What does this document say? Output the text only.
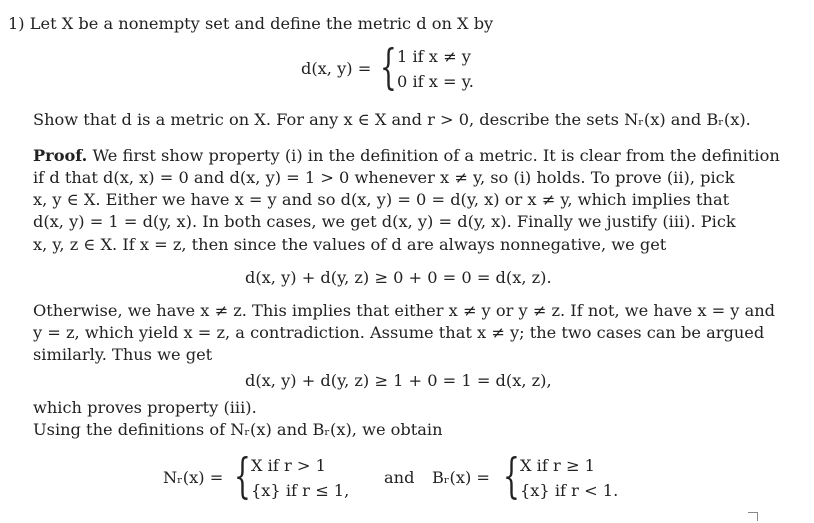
1) Let X be a nonempty set and define the metric d on X by
d(x, y) = { 1 if x ≠ y
0 if x = y.
Show that d is a metric on X. For any x ∈ X and r > 0, describe the sets Nᵣ(x) and Bᵣ(x).
Proof. We first show property (i) in the definition of a metric. It is clear from the definition
if d that d(x, x) = 0 and d(x, y) = 1 > 0 whenever x ≠ y, so (i) holds. To prove (ii), pick
x, y ∈ X. Either we have x = y and so d(x, y) = 0 = d(y, x) or x ≠ y, which implies that
d(x, y) = 1 = d(y, x). In both cases, we get d(x, y) = d(y, x). Finally we justify (iii). Pick
x, y, z ∈ X. If x = z, then since the values of d are always nonnegative, we get
d(x, y) + d(y, z) ≥ 0 + 0 = 0 = d(x, z).
Otherwise, we have x ≠ z. This implies that either x ≠ y or y ≠ z. If not, we have x = y and
y = z, which yield x = z, a contradiction. Assume that x ≠ y; the two cases can be argued
similarly. Thus we get
d(x, y) + d(y, z) ≥ 1 + 0 = 1 = d(x, z),
which proves property (iii).
Using the definitions of Nᵣ(x) and Bᵣ(x), we obtain
Nᵣ(x) = { X if r > 1
{x} if r ≤ 1,
and Bᵣ(x) = { X if r ≥ 1
{x} if r < 1.
